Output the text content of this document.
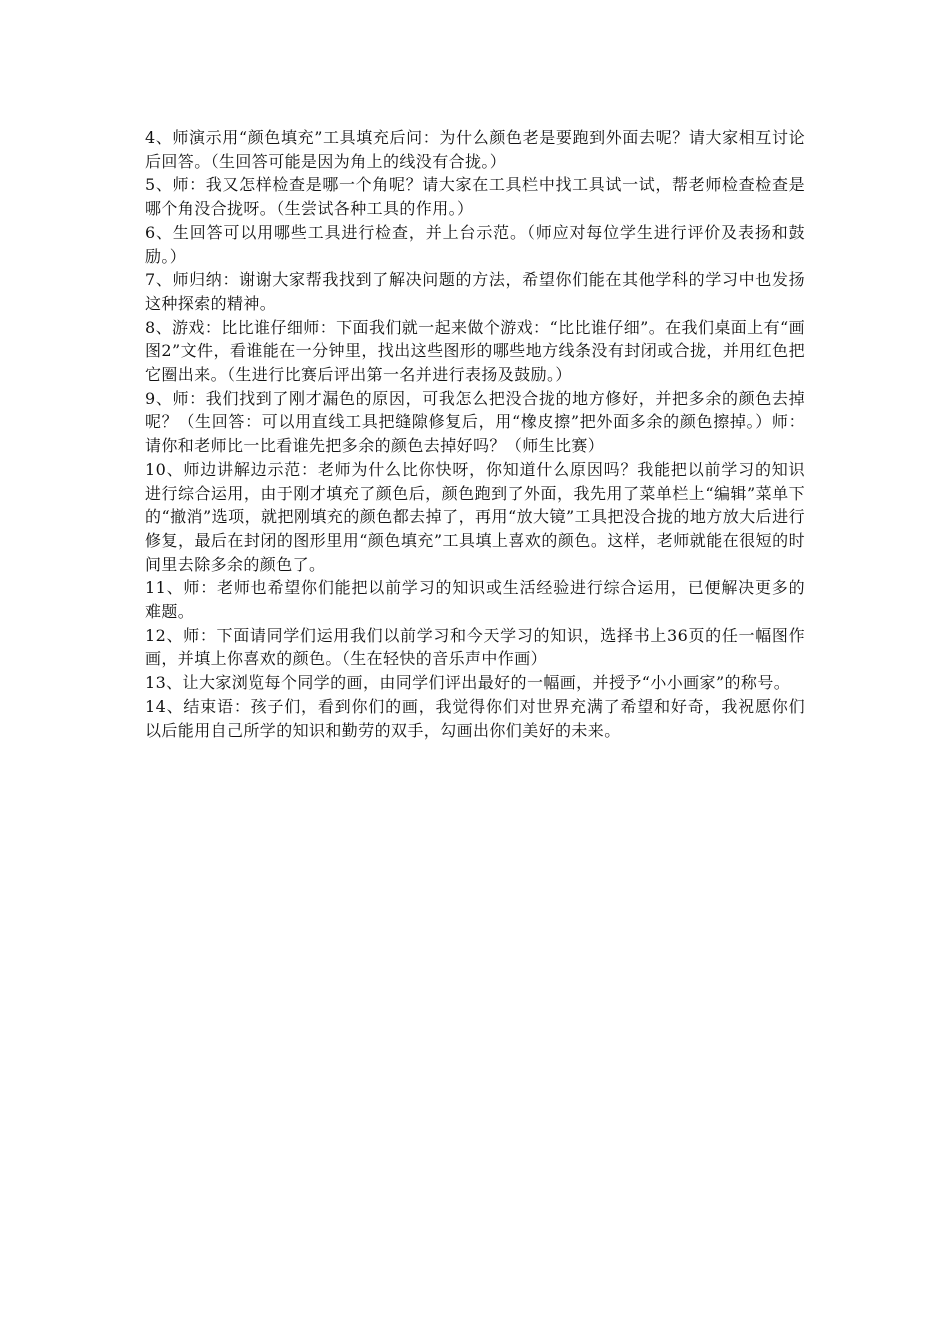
4、师演示用“颜色填充”工具填充后问：为什么颜色老是要跑到外面去呢？请大家相互讨论后回答。（生回答可能是因为角上的线没有合拢。）

5、师：我又怎样检查是哪一个角呢？请大家在工具栏中找工具试一试，帮老师检查检查是哪个角没合拢呀。（生尝试各种工具的作用。）

6、生回答可以用哪些工具进行检查，并上台示范。（师应对每位学生进行评价及表扬和鼓励。）

7、师归纳：谢谢大家帮我找到了解决问题的方法，希望你们能在其他学科的学习中也发扬这种探索的精神。

8、游戏：比比谁仔细师：下面我们就一起来做个游戏：“比比谁仔细”。在我们桌面上有“画图2”文件，看谁能在一分钟里，找出这些图形的哪些地方线条没有封闭或合拢，并用红色把它圈出来。（生进行比赛后评出第一名并进行表扬及鼓励。）

9、师：我们找到了刚才漏色的原因，可我怎么把没合拢的地方修好，并把多余的颜色去掉呢？（生回答：可以用直线工具把缝隙修复后，用“橡皮擦”把外面多余的颜色擦掉。）师：请你和老师比一比看谁先把多余的颜色去掉好吗？（师生比赛）

10、师边讲解边示范：老师为什么比你快呀，你知道什么原因吗？我能把以前学习的知识进行综合运用，由于刚才填充了颜色后，颜色跑到了外面，我先用了菜单栏上“编辑”菜单下的“撤消”选项，就把刚填充的颜色都去掉了，再用“放大镜”工具把没合拢的地方放大后进行修复，最后在封闭的图形里用“颜色填充”工具填上喜欢的颜色。这样，老师就能在很短的时间里去除多余的颜色了。

11、师：老师也希望你们能把以前学习的知识或生活经验进行综合运用，已便解决更多的难题。

12、师：下面请同学们运用我们以前学习和今天学习的知识，选择书上36页的任一幅图作画，并填上你喜欢的颜色。（生在轻快的音乐声中作画）

13、让大家浏览每个同学的画，由同学们评出最好的一幅画，并授予“小小画家”的称号。

14、结束语：孩子们，看到你们的画，我觉得你们对世界充满了希望和好奇，我祝愿你们以后能用自己所学的知识和勤劳的双手，勾画出你们美好的未来。
